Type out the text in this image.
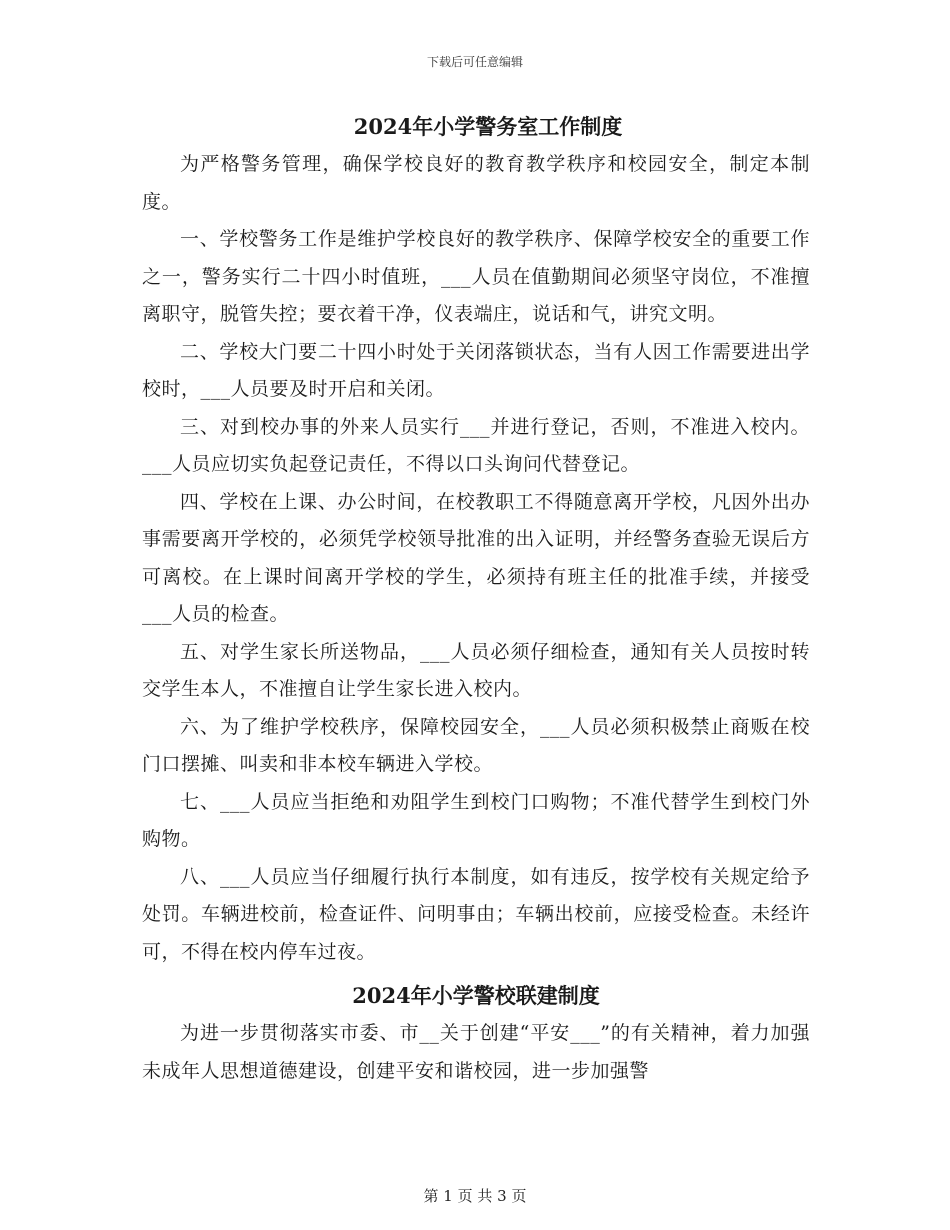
下载后可任意编辑
2024年小学警务室工作制度

为严格警务管理，确保学校良好的教育教学秩序和校园安全，制定本制度。

一、学校警务工作是维护学校良好的教学秩序、保障学校安全的重要工作之一，警务实行二十四小时值班，___人员在值勤期间必须坚守岗位，不准擅离职守，脱管失控；要衣着干净，仪表端庄，说话和气，讲究文明。

二、学校大门要二十四小时处于关闭落锁状态，当有人因工作需要进出学校时，___人员要及时开启和关闭。

三、对到校办事的外来人员实行___并进行登记，否则，不准进入校内。___人员应切实负起登记责任，不得以口头询问代替登记。

四、学校在上课、办公时间，在校教职工不得随意离开学校，凡因外出办事需要离开学校的，必须凭学校领导批准的出入证明，并经警务查验无误后方可离校。在上课时间离开学校的学生，必须持有班主任的批准手续，并接受___人员的检查。

五、对学生家长所送物品，___人员必须仔细检查，通知有关人员按时转交学生本人，不准擅自让学生家长进入校内。

六、为了维护学校秩序，保障校园安全，___人员必须积极禁止商贩在校门口摆摊、叫卖和非本校车辆进入学校。

七、___人员应当拒绝和劝阻学生到校门口购物；不准代替学生到校门外购物。

八、___人员应当仔细履行执行本制度，如有违反，按学校有关规定给予处罚。车辆进校前，检查证件、问明事由；车辆出校前，应接受检查。未经许可，不得在校内停车过夜。

2024年小学警校联建制度

为进一步贯彻落实市委、市__关于创建“平安___”的有关精神，着力加强未成年人思想道德建设，创建平安和谐校园，进一步加强警

第 1 页 共 3 页
